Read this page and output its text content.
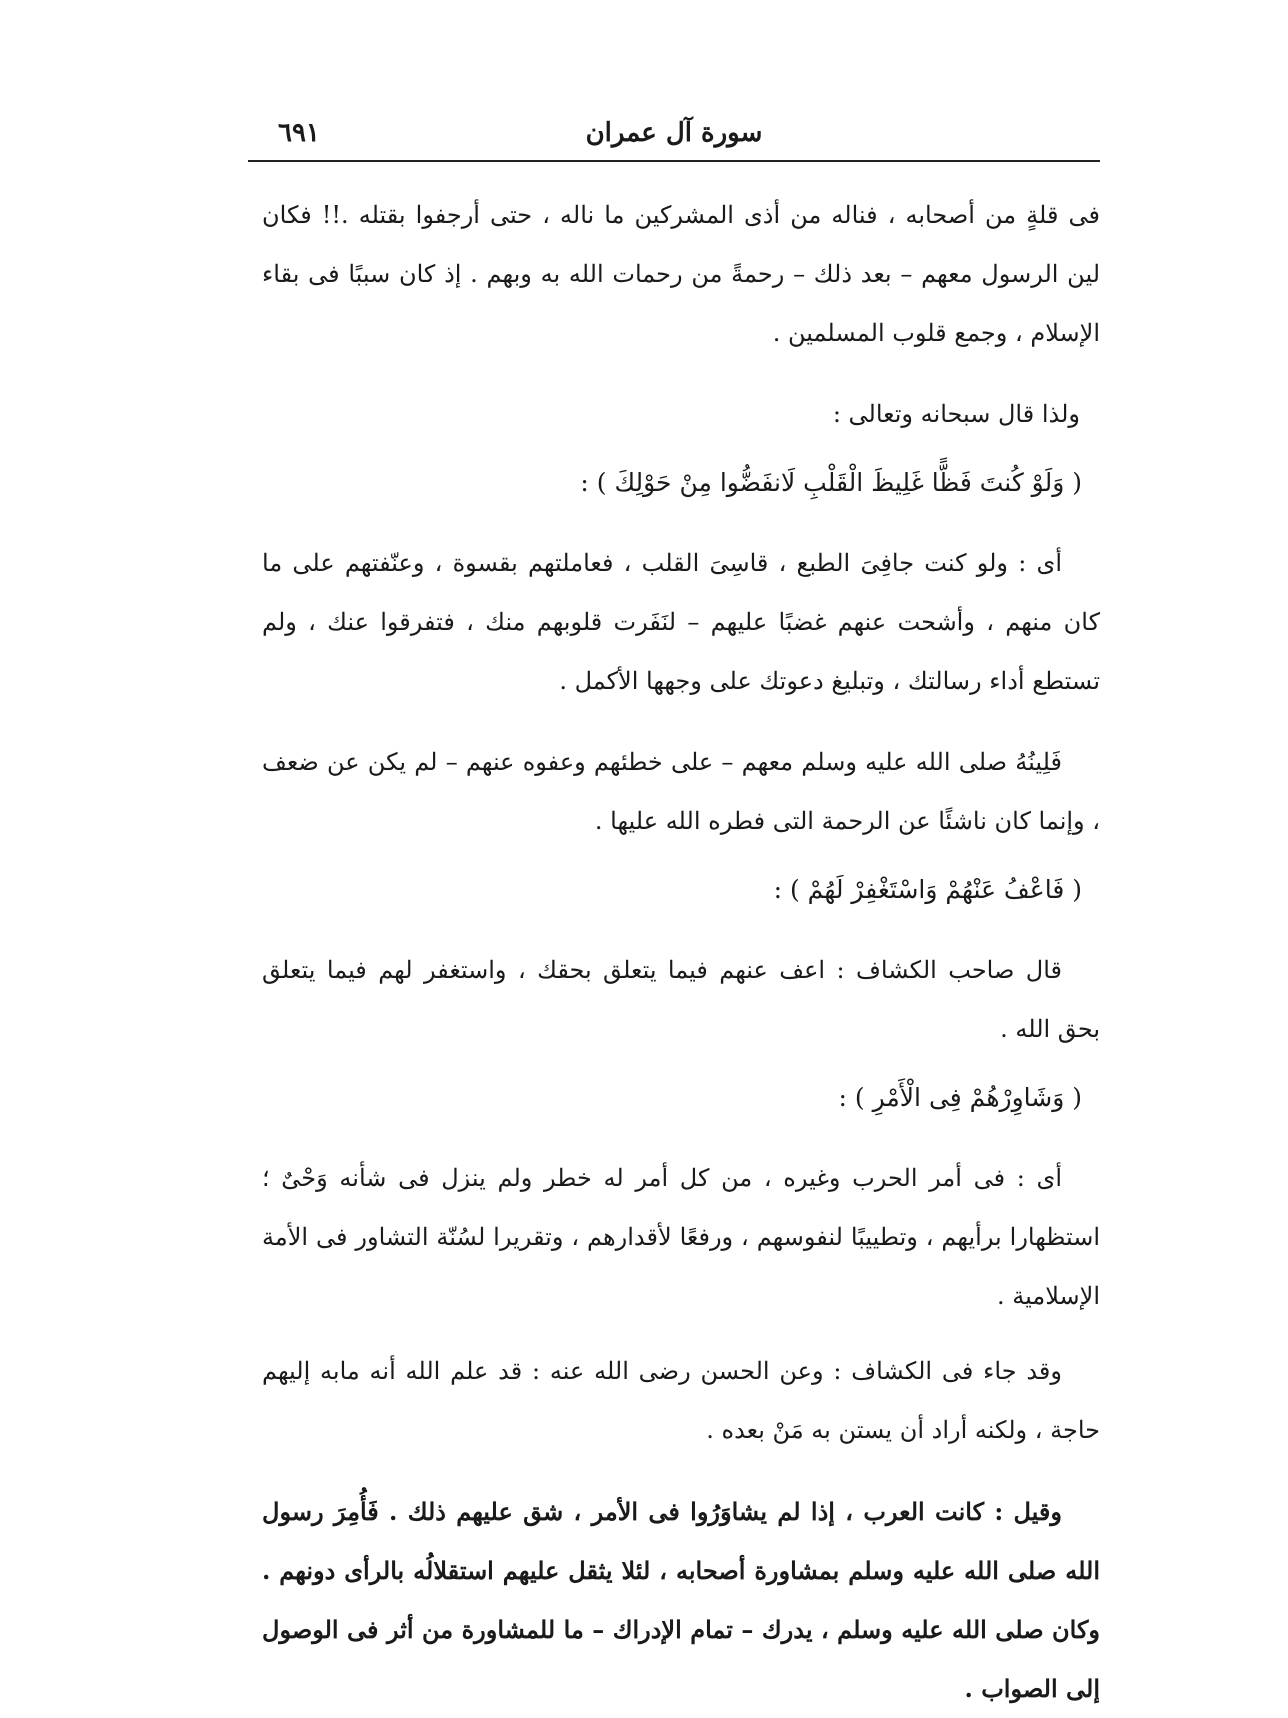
سورة آل عمران
٦٩١

فى قلةٍ من أصحابه ، فناله من أذى المشركين ما ناله ، حتى أرجفوا بقتله .!! فكان لين الرسول معهم – بعد ذلك – رحمةً من رحمات الله به وبهم . إذ كان سببًا فى بقاء الإسلام ، وجمع قلوب المسلمين .

ولذا قال سبحانه وتعالى :

( وَلَوْ كُنتَ فَظًّا غَلِيظَ الْقَلْبِ لَانفَضُّوا مِنْ حَوْلِكَ ) :

أى : ولو كنت جافِىَ الطبع ، قاسِىَ القلب ، فعاملتهم بقسوة ، وعنّفتهم على ما كان منهم ، وأشحت عنهم غضبًا عليهم – لنَفَرت قلوبهم منك ، فتفرقوا عنك ، ولم تستطع أداء رسالتك ، وتبليغ دعوتك على وجهها الأكمل .

فَلِينُهُ صلى الله عليه وسلم معهم – على خطئهم وعفوه عنهم – لم يكن عن ضعف ، وإنما كان ناشئًا عن الرحمة التى فطره الله عليها .

( فَاعْفُ عَنْهُمْ وَاسْتَغْفِرْ لَهُمْ ) :

قال صاحب الكشاف : اعف عنهم فيما يتعلق بحقك ، واستغفر لهم فيما يتعلق بحق الله .

( وَشَاوِرْهُمْ فِى الْأَمْرِ ) :

أى : فى أمر الحرب وغيره ، من كل أمر له خطر ولم ينزل فى شأنه وَحْىٌ ؛ استظهارا برأيهم ، وتطييبًا لنفوسهم ، ورفعًا لأقدارهم ، وتقريرا لسُنّة التشاور فى الأمة الإسلامية .

وقد جاء فى الكشاف : وعن الحسن رضى الله عنه : قد علم الله أنه مابه إليهم حاجة ، ولكنه أراد أن يستن به مَنْ بعده .

وقيل : كانت العرب ، إذا لم يشاوَرُوا فى الأمر ، شق عليهم ذلك . فَأُمِرَ رسول الله صلى الله عليه وسلم بمشاورة أصحابه ، لئلا يثقل عليهم استقلالُه بالرأى دونهم . وكان صلى الله عليه وسلم ، يدرك – تمام الإدراك – ما للمشاورة من أثر فى الوصول إلى الصواب .
